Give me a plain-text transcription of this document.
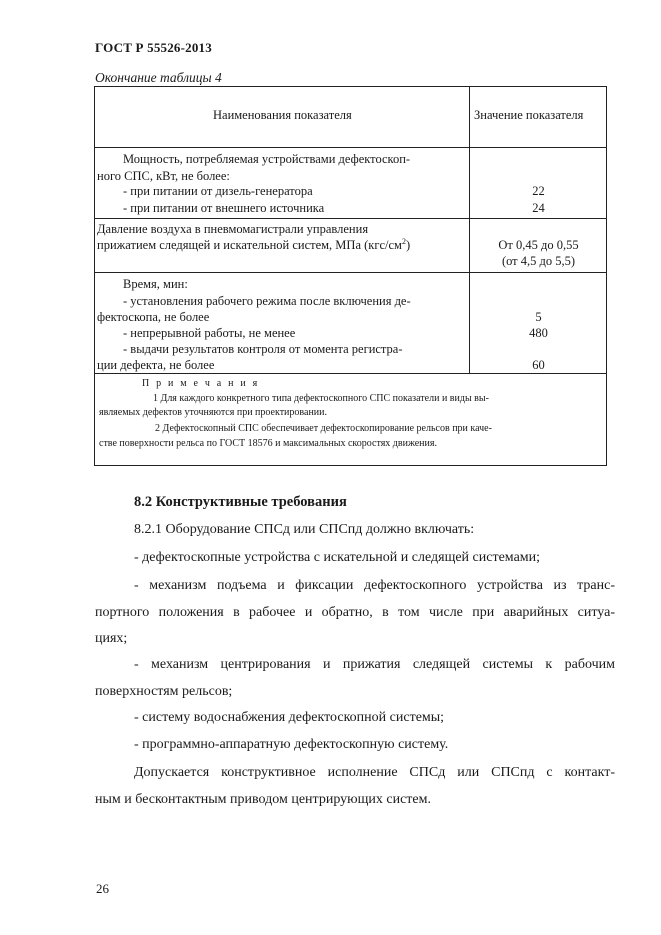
ГОСТ Р 55526-2013
Окончание таблицы 4
Наименования показателя	Значение показателя
Мощность, потребляемая устройствами дефектоскоп-
ного СПС, кВт, не более:
- при питании от дизель-генератора	22
- при питании от внешнего источника	24
Давление воздуха в пневмомагистрали управления
прижатием следящей и искательной систем, МПа $(кгс/см^2)$	От 0,45 до 0,55
(от 4,5 до 5,5)
Время, мин:
- установления рабочего режима после включения де-
фектоскопа, не более	5
- непрерывной работы, не менее	480
- выдачи результатов контроля от момента регистра-
ции дефекта, не более	60
П р и м е ч а н и я
1 Для каждого конкретного типа дефектоскопного СПС показатели и виды вы-
являемых дефектов уточняются при проектировании.
2 Дефектоскопный СПС обеспечивает дефектоскопирование рельсов при каче-
стве поверхности рельса по ГОСТ 18576 и максимальных скоростях движения.
8.2 Конструктивные требования
8.2.1 Оборудование СПСд или СПСпд должно включать:
- дефектоскопные устройства с искательной и следящей системами;
- механизм подъема и фиксации дефектоскопного устройства из транс-
портного положения в рабочее и обратно, в том числе при аварийных ситуа-
циях;
- механизм центрирования и прижатия следящей системы к рабочим
поверхностям рельсов;
- систему водоснабжения дефектоскопной системы;
- программно-аппаратную дефектоскопную систему.
Допускается конструктивное исполнение СПСд или СПСпд с контакт-
ным и бесконтактным приводом центрирующих систем.
26
